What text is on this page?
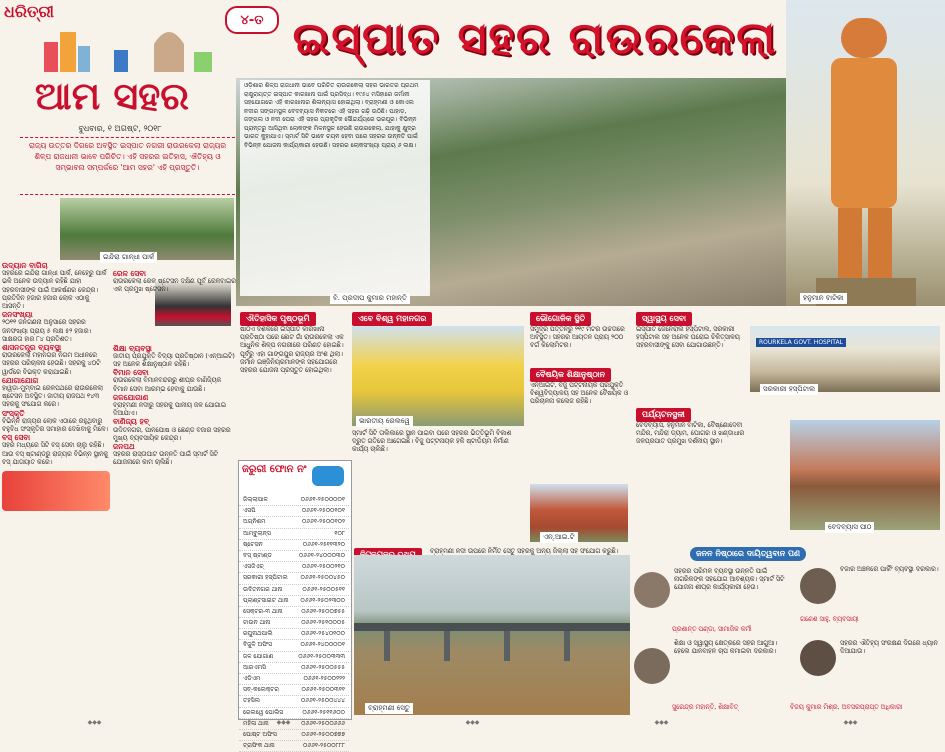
ଧରିତ୍ରୀ	୪-ତ ଇସ୍ପାତ ସହର ରାଉରକେଲା
ଆମ ସହର
ବୁଧବାର, ୧ ଅଗଷ୍ଟ, ୨୦୧୮
ରାଜ୍ୟ ଉତ୍ତର ଦିଗରେ ଅବସ୍ଥିତ ଇସ୍ପାତ ନଗରୀ ରାଉରକେଲା ରାଜ୍ୟର ଶିଳ୍ପ ରାଜଧାନୀ ଭାବେ ପରିଚିତ। ଏହି ସହରର ଇତିହାସ, ଐତିହ୍ୟ ଓ ସମ୍ଭାବନା ସମ୍ପର୍କରେ 'ଆମ ସହର' ଏହି ପ୍ରସ୍ତୁତି।
ଓଡ଼ିଶାର ଶିଳ୍ପ ରାଜଧାନୀ ଭାବେ ପରିଚିତ ରାଉରକେଲା ସହର ଭାରତର ପ୍ରଥମ ରାଷ୍ଟ୍ରାୟତ୍ତ ଇସ୍ପାତ କାରଖାନା ପାଇଁ ପ୍ରସିଦ୍ଧ। ୧୯୫୪ ମସିହାରେ ଜର୍ମାନୀ ସହଯୋଗରେ ଏହି କାରଖାନାର ଶିଳାନ୍ୟାସ ହୋଇଥିଲା। ବ୍ରାହ୍ମଣୀ ଓ କୋଏଲ ନଦୀର ସଙ୍ଗମସ୍ଥଳ ବେଦବ୍ୟାସ ନିକଟରେ ଏହି ସହର ଗଢ଼ି ଉଠିଛି। ପାହାଡ଼, ଜଙ୍ଗଲ ଓ ନଦୀ ଘେରା ଏହି ସହର ପ୍ରାକୃତିକ ସୌନ୍ଦର୍ଯ୍ୟରେ ଭରପୂର। ବିଭିନ୍ନ ପ୍ରାନ୍ତରୁ ଆସିଥିବା ଲୋକଙ୍କ ମିଳନସ୍ଥଳ ହେଉଛି ରାଉରକେଲା, ଯାହାକୁ କ୍ଷୁଦ୍ର ଭାରତ କୁହାଯାଏ। ସ୍ମାର୍ଟ ସିଟି ଭାବେ ଚୟନ ହେବା ପରେ ସହରର ଉନ୍ନତି ପାଇଁ ବିଭିନ୍ନ ଯୋଜନା କାର୍ଯ୍ୟକାରୀ ହେଉଛି। ସହରର ଲୋକସଂଖ୍ୟା ପ୍ରାୟ ୬ ଲକ୍ଷ।
ବି. ପ୍ରଦୀପ କୁମାର ମହାନ୍ତି	ହନୁମାନ ବାଟିକା
ଇନ୍ଦିରା ଗାନ୍ଧୀ ପାର୍କ
ଉଦ୍ୟାନ ବାଗିଚା
ସହରରେ ଇନ୍ଦିରା ଗାନ୍ଧୀ ପାର୍କ, ନେହେରୁ ପାର୍କ ଭଳି ଅନେକ ଉଦ୍ୟାନ ରହିଛି ଯାହା ସହରବାସୀଙ୍କ ପାଇଁ ଆକର୍ଷଣର କେନ୍ଦ୍ର। ପ୍ରତିଦିନ ହଜାର ହଜାର ଲୋକ ଏଠାକୁ ଆସନ୍ତି।
ଜନସଂଖ୍ୟା
୨୦୧୧ ଜନଗଣନା ଅନୁସାରେ ସହରର ଜନସଂଖ୍ୟା ପ୍ରାୟ ୫ ଲକ୍ଷ ୫୨ ହଜାର। ସାକ୍ଷରତା ହାର ୮୪ ପ୍ରତିଶତ।
ଶାସନତନ୍ତ୍ର ବ୍ୟବସ୍ଥା
ରାଉରକେଲା ମହାନଗର ନିଗମ ଅଧୀନରେ ସହରର ପରିଚାଳନା ହେଉଛି। ସହରକୁ ୪୦ଟି ୱାର୍ଡରେ ବିଭକ୍ତ କରାଯାଇଛି।
ଯୋଗାଯୋଗ
ହାୱଡ଼ା-ମୁମ୍ବାଇ ରେଳପଥରେ ରାଉରକେଲା ଷ୍ଟେସନ ଅବସ୍ଥିତ। ଜାତୀୟ ରାଜପଥ ୧୪୩ ସହରକୁ ସଂଯୋଗ କରେ।
ସଂସ୍କୃତି
ବିଭିନ୍ନ ରାଜ୍ୟର ଲୋକ ଏଠାରେ ରହୁଥିବାରୁ ବହୁବିଧ ସଂସ୍କୃତିର ସମାହାର ଦେଖିବାକୁ ମିଳେ।
ବସ୍ ସେବା
ସହର ମଧ୍ୟରେ ସିଟି ବସ୍ ସେବା ଚାଲୁ ରହିଛି। ଆଉ ବସ୍ ଷ୍ଟାଣ୍ଡରୁ ରାଜ୍ୟର ବିଭିନ୍ନ ସ୍ଥାନକୁ ବସ୍ ଯାତାୟାତ କରେ।
ରେଳ ସେବା
ରାଉରକେଲା ରେଳ ଷ୍ଟେସନ ଦକ୍ଷିଣ ପୂର୍ବ ରେଳବାଇର ଏକ ପ୍ରମୁଖ ଷ୍ଟେସନ।
ଶିକ୍ଷା ବ୍ୟବସ୍ଥା
ଜାତୀୟ ପ୍ରଯୁକ୍ତି ବିଦ୍ୟା ପ୍ରତିଷ୍ଠାନ (ଏନ୍‌ଆଇଟି) ସହ ଅନେକ ଶିକ୍ଷାନୁଷ୍ଠାନ ରହିଛି।
ବିମାନ ସେବା
ରାଉରକେଲା ବିମାନବନ୍ଦରରୁ ଶୀଘ୍ର ବାଣିଜ୍ୟିକ ବିମାନ ସେବା ଆରମ୍ଭ ହେବାକୁ ଯାଉଛି।
ଜଳଯୋଗାଣ
ବ୍ରାହ୍ମଣୀ ନଦୀରୁ ସହରକୁ ପାନୀୟ ଜଳ ଯୋଗାଇ ଦିଆଯାଏ।
ବାଣିଜ୍ୟ ହବ୍
ଉଦିତନଗର, ପାନପୋଷ ଓ ଛେଣ୍ଡ ବଜାର ସହରର ମୁଖ୍ୟ ବ୍ୟବସାୟିକ କେନ୍ଦ୍ର।
ଜନପଥ
ସହରର ରାସ୍ତାଘାଟ ଉନ୍ନତି ପାଇଁ ସ୍ମାର୍ଟ ସିଟି ଯୋଜନାରେ କାମ ଚାଲିଛି।
ଐତିହାସିକ ପୃଷ୍ଠଭୂମି
ଷାଠିଏ ଦଶକରେ ଇସ୍ପାତ କାରଖାନା ପ୍ରତିଷ୍ଠା ପରେ ଛୋଟ ଗାଁ ରାଉରକେଲା ଏକ ଆଧୁନିକ ଶିଳ୍ପ ନଗରୀରେ ପରିଣତ ହୋଇଛି। ପୂର୍ବରୁ ଏହା ଗାଙ୍ଗପୁର ରାଜ୍ୟର ଅଂଶ ଥିଲା। ଜର୍ମାନ ଇଞ୍ଜିନିୟରମାନଙ୍କ ସହଯୋଗରେ ସହରର ଯୋଜନା ପ୍ରସ୍ତୁତ ହୋଇଥିଲା।
ଏବେ ବିଶ୍ୱ ମହାନଗର
ଭାରତୀୟ ରେଲୱେ
ସ୍ମାର୍ଟ ସିଟି ତାଲିକାରେ ସ୍ଥାନ ପାଇବା ପରେ ସହରର ଭିତ୍ତିଭୂମି ବିକାଶ ଦ୍ରୁତ ଗତିରେ ଆଗେଇଛି। ବିଜୁ ପଟ୍ଟନାୟକ ହକି ଷ୍ଟାଡିୟମ ନିର୍ମାଣ କାର୍ଯ୍ୟ ଚାଲିଛି।
ଭୌଗୋଳିକ ସ୍ଥିତି
ସମୁଦ୍ର ପତ୍ତନରୁ ୨୧୯ ମିଟର ଉଚ୍ଚତାରେ ଅବସ୍ଥିତ। ସହରର ଆୟତନ ପ୍ରାୟ ୨୦୦ ବର୍ଗ କିଲୋମିଟର।
ବୈଷୟିକ ଶିକ୍ଷାନୁଷ୍ଠାନ
ଏନ୍‌ଆଇଟି, ବିଜୁ ପଟ୍ଟନାୟକ ପ୍ରଯୁକ୍ତି ବିଶ୍ୱବିଦ୍ୟାଳୟ ସହ ଅନେକ ବୈଷୟିକ ଓ ପରିଚାଳନା କଲେଜ ରହିଛି।
ଏନ୍.ଆଇ.ଟି
ସ୍ୱାସ୍ଥ୍ୟ ସେବା
ଇସ୍ପାତ ଜେନେରାଲ ହସ୍ପିଟାଲ, ସରକାରୀ ହସ୍ପିଟାଲ ସହ ଅନେକ ଘରୋଇ ଚିକିତ୍ସାଳୟ ସହରବାସୀଙ୍କୁ ସେବା ଯୋଗାଉଛନ୍ତି।	ROURKELA GOVT. HOSPITAL
ସରକାରୀ ହସ୍ପିଟାଲ
ପର୍ଯ୍ୟଟନସ୍ଥଳୀ
ବେଦବ୍ୟାସ, ହନୁମାନ ବାଟିକା, ବୈଷ୍ଣୋଦେବୀ ମନ୍ଦିର, ମନ୍ଦିରା ଡ୍ୟାମ, ଘୋଗର ଓ ଖଣ୍ଡାଧାର ଜଳପ୍ରପାତ ପ୍ରମୁଖ ଦର୍ଶନୀୟ ସ୍ଥାନ।
ବେଦବ୍ୟାସ ପୀଠ
ଜରୁରୀ ଫୋନ ନଂ
ଜିଲ୍ଲାପାଳ	୦୬୬୧-୨୫୦୦୦୦୧
ଏସପି	୦୬୬୧-୨୫୦୦୧୦୧
ଅଗ୍ନିଶମ	୦୬୬୧-୨୫୦୦୧୦୨
ଆମ୍ବୁଲାନ୍ସ	୧୦୮
ଷ୍ଟେସନ	୦୬୬୧-୨୫୧୧୩୨୦
ବସ୍ ଷ୍ଟାଣ୍ଡ	୦୬୬୧-୨୪୦୦୦୩୦
ଏସଜିଏଚ୍	୦୬୬୧-୨୫୦୦୨୧୦
ସରକାରୀ ହସ୍ପିଟାଲ ୦୬୬୧-୨୫୦୦୪୫୦
ଉଦିତନଗର ଥାନା	୦୬୬୧-୨୫୦୦୫୧୧
ପ୍ଲାଣ୍ଟସାଇଟ ଥାନା ୦୬୬୧-୨୫୦୨୩୦୦
ସେକ୍ଟର-୩ ଥାନା	୦୬୬୧-୨୫୦୦୭୫୫
ଟାଉନ ଥାନା	୦୬୬୧-୨୫୧୦୦୦୫
ରଘୁନାଥପାଲି	୦୬୬୧-୨୫୪୦୧୦୦
ବିଜୁଳି ଅଫିସ	୦୬୬୧-୨୪୦୦୦୦୧
ଜଳ ଯୋଗାଣ	୦୬୬୧-୨୫୦୦୩୩୩
ଆରଏମସି	୦୬୬୧-୨୫୦୦୫୫୫
ଏଡିଏମ	୦୬୬୧-୨୫୦୦୨୨୨
ସବ୍-କଲେକ୍ଟର	୦୬୬୧-୨୫୦୦୩୧୧
ତହସିଲ	୦୬୬୧-୨୫୦୦୪୪୪
ରେଲୱେ ପୋଲିସ	୦୬୬୧-୨୫୧୧୬୦୦
ମହିଳା ଥାନା	୦୬୬୧-୨୫୦୦୬୬୬
ପୋଷ୍ଟ ଅଫିସ	୦୬୬୧-୨୫୦୦୭୭୭
ଟ୍ରାଫିକ ଥାନା	୦୬୬୧-୨୫୦୦୮୮୮
ବ୍ରାହ୍ମଣୀ ନଦୀ ଉପରେ ନିର୍ମିତ ସେତୁ ସହରକୁ ଅନ୍ୟ ଜିଲ୍ଲା ସହ ସଂଯୋଗ କରୁଛି।
ବ୍ରାହ୍ମଣୀ ସେତୁ
ଜନନ ନିଷ୍ଠାରେ ଦାୟିତ୍ୱବାନ ପଣ
ସହରର ପରିମଳ ବ୍ୟବସ୍ଥା ଉନ୍ନତି ପାଇଁ ନାଗରିକଙ୍କ ସହଯୋଗ ଆବଶ୍ୟକ। ସ୍ମାର୍ଟ ସିଟି ଯୋଜନା ଶୀଘ୍ର କାର୍ଯ୍ୟକାରୀ ହେଉ।
ପ୍ରଶାନ୍ତ ପଣ୍ଡା, ସାମାଜିକ କର୍ମୀ
ଶିକ୍ଷା ଓ ସ୍ୱାସ୍ଥ୍ୟ କ୍ଷେତ୍ରରେ ସହର ଆଗୁଆ। ହେଲେ ଯାନବାହନ ଚାପ କମାଇବା ଦରକାର।
ସୁରେନ୍ଦ୍ର ମହାନ୍ତି, ଶିକ୍ଷାବିତ୍
ବଜାର ଅଞ୍ଚଳରେ ପାର୍କିଂ ବ୍ୟବସ୍ଥା ଦରକାର।
ଗଣେଶ ସାହୁ, ବ୍ୟବସାୟୀ
ସହରର ଐତିହ୍ୟ ସଂରକ୍ଷଣ ଦିଗରେ ଧ୍ୟାନ ଦିଆଯାଉ।
ବିଜୟ କୁମାର ମିଶ୍ର, ଅବସରପ୍ରାପ୍ତ ଅଧିକାରୀ
◆◆◆	◆◆◆	◆◆◆	◆◆◆	◆◆◆
